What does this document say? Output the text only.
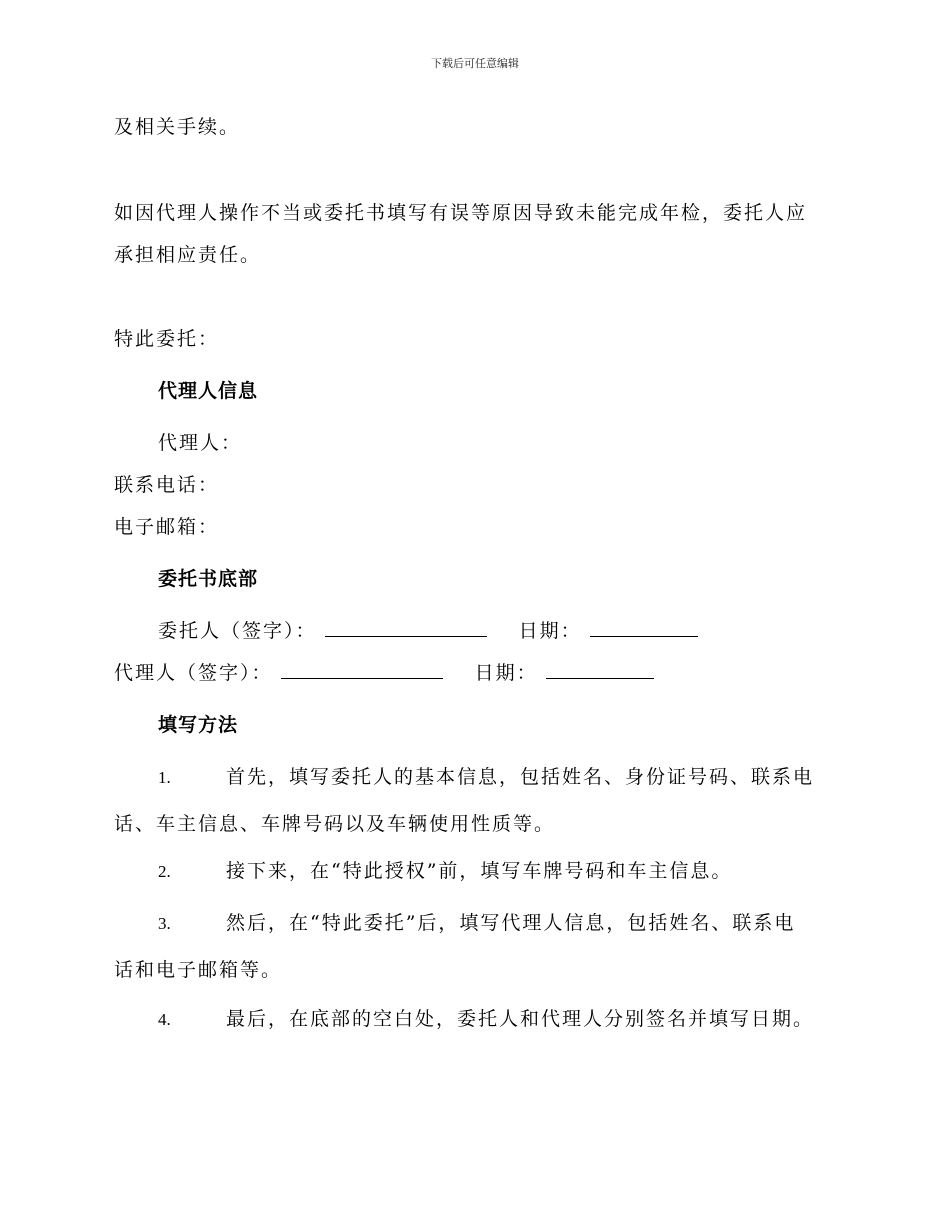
下载后可任意编辑
及相关手续。
如因代理人操作不当或委托书填写有误等原因导致未能完成年检，委托人应
承担相应责任。
特此委托：
代理人信息
代理人：
联系电话：
电子邮箱：
委托书底部
委托人（签字）：	日期：
代理人（签字）：	日期：
填写方法
1.	首先，填写委托人的基本信息，包括姓名、身份证号码、联系电
话、车主信息、车牌号码以及车辆使用性质等。
2.	接下来，在“特此授权”前，填写车牌号码和车主信息。
3.	然后，在“特此委托”后，填写代理人信息，包括姓名、联系电
话和电子邮箱等。
4.	最后，在底部的空白处，委托人和代理人分别签名并填写日期。
